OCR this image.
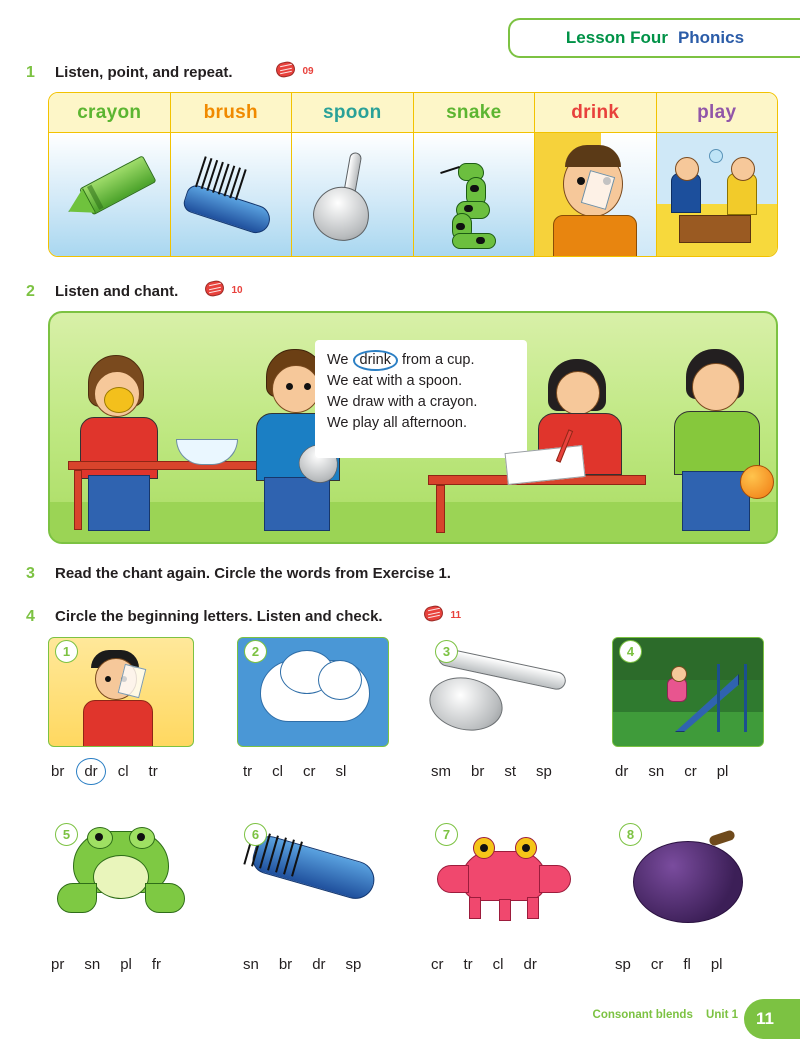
Lesson Four Phonics
1 Listen, point, and repeat.	09
crayon	brush	spoon	snake	drink	play
2 Listen and chant.	10
We drink from a cup.
We eat with a spoon.
We draw with a crayon.
We play all afternoon.
3 Read the chant again. Circle the words from Exercise 1.
4 Circle the beginning letters. Listen and check.	11
1
br dr cl tr
2
tr cl cr sl
3
sm br st sp
4
dr sn cr pl
5
pr sn pl fr
6
sn br dr sp
7
cr tr cl dr
8
sp cr fl pl
Consonant blends Unit 1	11
